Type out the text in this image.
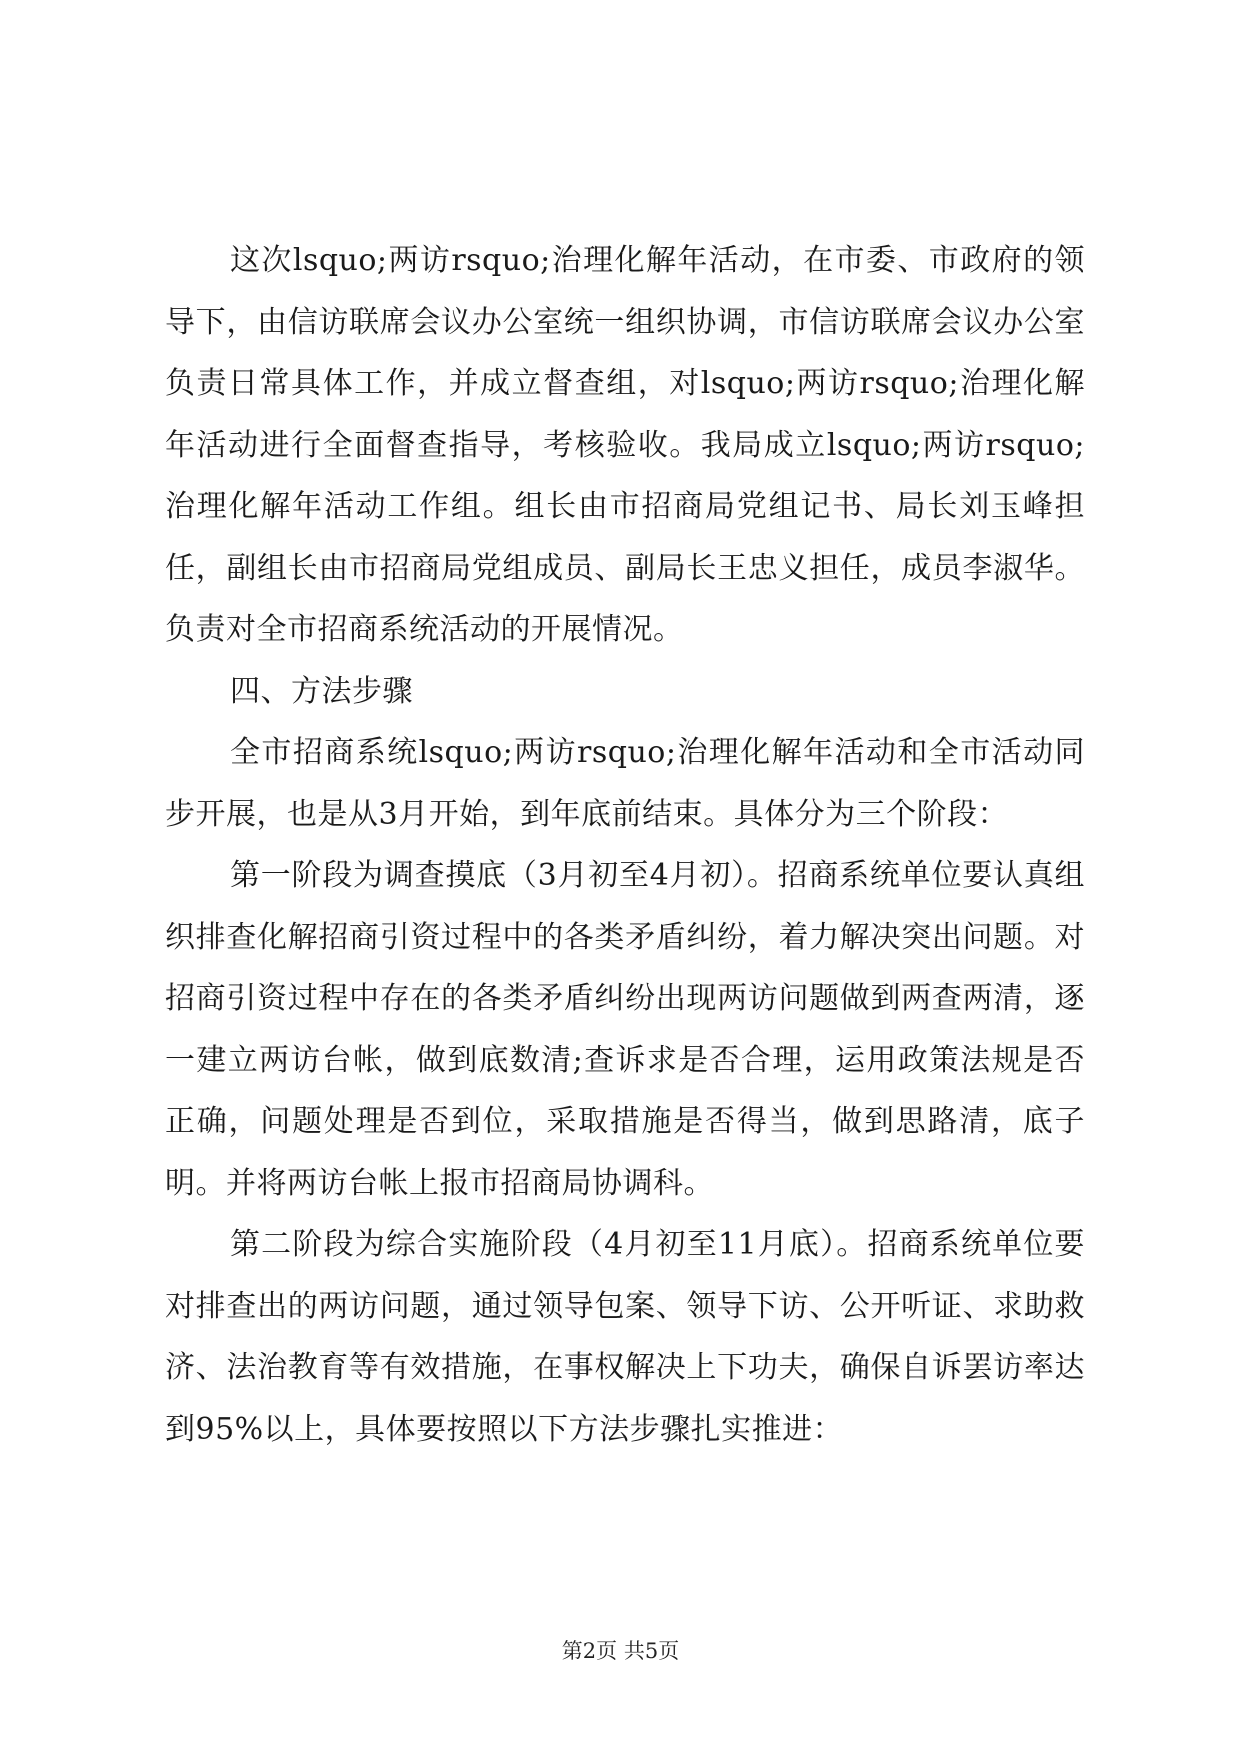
这次lsquo;两访rsquo;治理化解年活动，在市委、市政府的领导下，由信访联席会议办公室统一组织协调，市信访联席会议办公室负责日常具体工作，并成立督查组，对lsquo;两访rsquo;治理化解年活动进行全面督查指导，考核验收。我局成立lsquo;两访rsquo;治理化解年活动工作组。组长由市招商局党组记书、局长刘玉峰担任，副组长由市招商局党组成员、副局长王忠义担任，成员李淑华。负责对全市招商系统活动的开展情况。

四、方法步骤

全市招商系统lsquo;两访rsquo;治理化解年活动和全市活动同步开展，也是从3月开始，到年底前结束。具体分为三个阶段：

第一阶段为调查摸底（3月初至4月初）。招商系统单位要认真组织排查化解招商引资过程中的各类矛盾纠纷，着力解决突出问题。对招商引资过程中存在的各类矛盾纠纷出现两访问题做到两查两清，逐一建立两访台帐，做到底数清;查诉求是否合理，运用政策法规是否正确，问题处理是否到位，采取措施是否得当，做到思路清，底子明。并将两访台帐上报市招商局协调科。

第二阶段为综合实施阶段（4月初至11月底）。招商系统单位要对排查出的两访问题，通过领导包案、领导下访、公开听证、求助救济、法治教育等有效措施，在事权解决上下功夫，确保自诉罢访率达到95%以上，具体要按照以下方法步骤扎实推进：

第2页 共5页
